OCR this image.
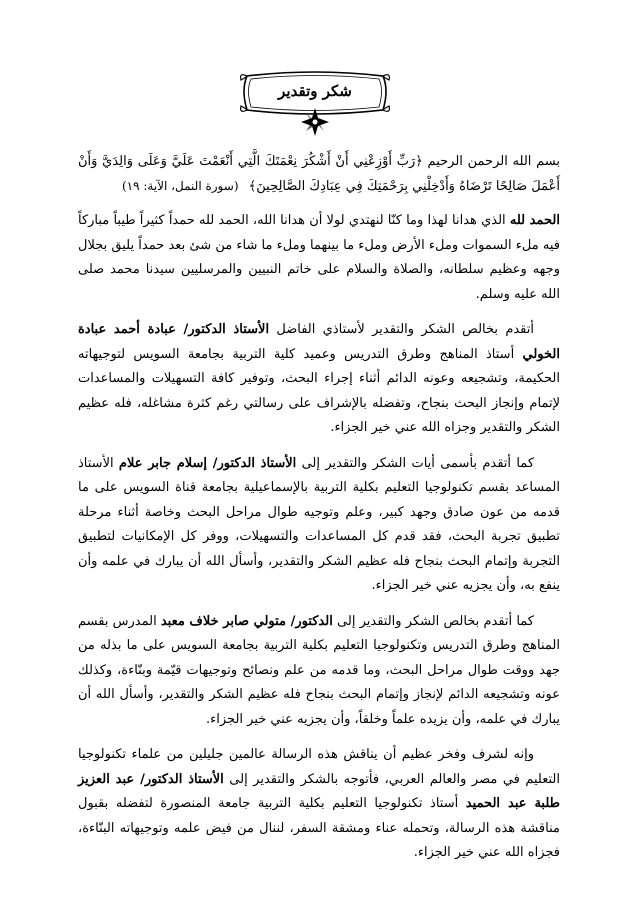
شكر وتقدير

بسم الله الرحمن الرحيم ﴿رَبِّ أَوْزِعْنِي أَنْ أَشْكُرَ نِعْمَتَكَ الَّتِي أَنْعَمْتَ عَلَيَّ وَعَلَى وَالِدَيَّ وَأَنْ أَعْمَلَ صَالِحًا تَرْضَاهُ وَأَدْخِلْنِي بِرَحْمَتِكَ فِي عِبَادِكَ الصَّالِحِينَ﴾ (سورة النمل، الآية: ١٩)

الحمد لله الذي هدانا لهذا وما كنّا لنهتدي لولا أن هدانا الله، الحمد لله حمداً كثيراً طيباً مباركاً فيه ملء السموات وملء الأرض وملء ما بينهما وملء ما شاء من شئ بعد حمداً يليق بجلال وجهه وعظيم سلطانه، والصلاة والسلام على خاتم النبيين والمرسليين سيدنا محمد صلى الله عليه وسلم.

أتقدم بخالص الشكر والتقدير لأستاذي الفاضل الأستاذ الدكتور/ عبادة أحمد عبادة الخولي أستاذ المناهج وطرق التدريس وعميد كلية التربية بجامعة السويس لتوجيهاته الحكيمة، وتشجيعه وعونه الدائم أثناء إجراء البحث، وتوفير كافة التسهيلات والمساعدات لإتمام وإنجاز البحث بنجاح، وتفضله بالإشراف على رسالتي رغم كثرة مشاغله، فله عظيم الشكر والتقدير وجزاه الله عني خير الجزاء.

كما أتقدم بأسمى أيات الشكر والتقدير إلى الأستاذ الدكتور/ إسلام جابر علام الأستاذ المساعد بقسم تكنولوجيا التعليم بكلية التربية بالإسماعيلية بجامعة قناة السويس على ما قدمه من عون صادق وجهد كبير، وعلم وتوجيه طوال مراحل البحث وخاصة أثناء مرحلة تطبيق تجربة البحث، فقد قدم كل المساعدات والتسهيلات، ووفر كل الإمكانيات لتطبيق التجربة وإتمام البحث بنجاح فله عظيم الشكر والتقدير، وأسأل الله أن يبارك في علمه وأن ينفع به، وأن يجزيه عني خير الجزاء.

كما أتقدم بخالص الشكر والتقدير إلى الدكتور/ متولي صابر خلاف معبد المدرس بقسم المناهج وطرق التدريس وتكنولوجيا التعليم بكلية التربية بجامعة السويس على ما بذله من جهد ووقت طوال مراحل البحث، وما قدمه من علم ونصائح وتوجيهات قيّمة وبنّاءة، وكذلك عونه وتشجيعه الدائم لإنجاز وإتمام البحث بنجاح فله عظيم الشكر والتقدير، وأسأل الله أن يبارك في علمه، وأن يزيده علماً وخلقاً، وأن يجزيه عني خير الجزاء.

وإنه لشرف وفخر عظيم أن يناقش هذه الرسالة عالمين جليلين من علماء تكنولوجيا التعليم في مصر والعالم العربي، فأتوجه بالشكر والتقدير إلى الأستاذ الدكتور/ عبد العزيز طلبة عبد الحميد أستاذ تكنولوجيا التعليم بكلية التربية جامعة المنصورة لتفضله بقبول مناقشة هذه الرسالة، وتحمله عناء ومشقة السفر، لننال من فيض علمه وتوجيهاته البنّاءة، فجزاه الله عني خير الجزاء.
